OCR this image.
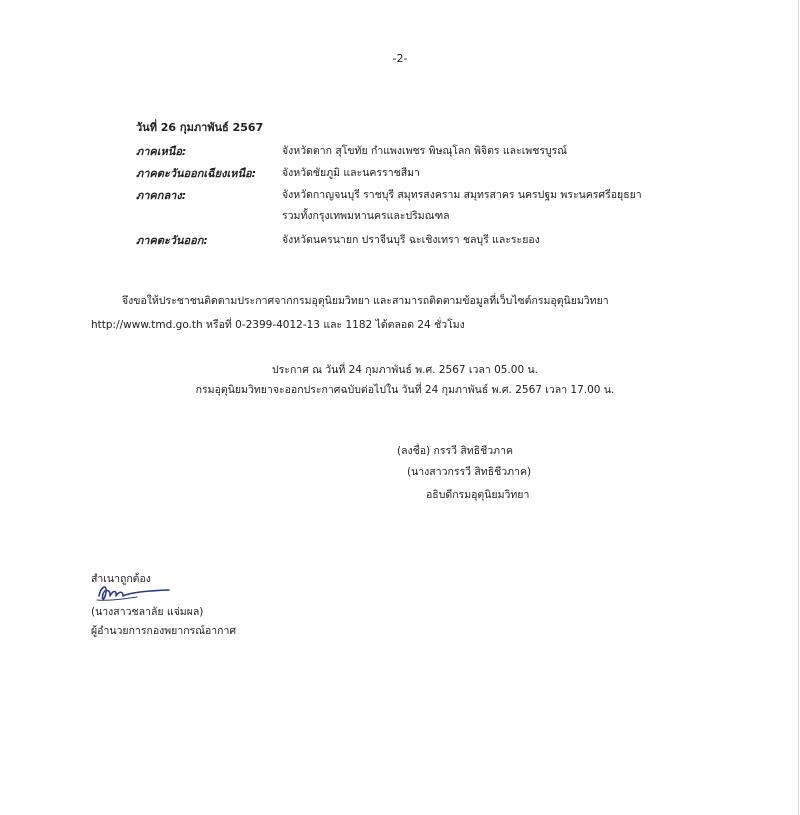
-2-
วันที่ 26 กุมภาพันธ์ 2567
ภาคเหนือ:	จังหวัดตาก สุโขทัย กำแพงเพชร พิษณุโลก พิจิตร และเพชรบูรณ์
ภาคตะวันออกเฉียงเหนือ: จังหวัดชัยภูมิ และนครราชสีมา
ภาคกลาง:	จังหวัดกาญจนบุรี ราชบุรี สมุทรสงคราม สมุทรสาคร นครปฐม พระนครศรีอยุธยา
รวมทั้งกรุงเทพมหานครและปริมณฑล
ภาคตะวันออก:	จังหวัดนครนายก ปราจีนบุรี ฉะเชิงเทรา ชลบุรี และระยอง
จึงขอให้ประชาชนติดตามประกาศจากกรมอุตุนิยมวิทยา และสามารถติดตามข้อมูลที่เว็บไซต์กรมอุตุนิยมวิทยา
http://www.tmd.go.th หรือที่ 0-2399-4012-13 และ 1182 ได้ตลอด 24 ชั่วโมง
ประกาศ ณ วันที่ 24 กุมภาพันธ์ พ.ศ. 2567 เวลา 05.00 น.
กรมอุตุนิยมวิทยาจะออกประกาศฉบับต่อไปใน วันที่ 24 กุมภาพันธ์ พ.ศ. 2567 เวลา 17.00 น.
(ลงชื่อ) กรรวี สิทธิชีวภาค
(นางสาวกรรวี สิทธิชีวภาค)
อธิบดีกรมอุตุนิยมวิทยา
สำเนาถูกต้อง
(นางสาวชลาลัย แจ่มผล)
ผู้อำนวยการกองพยากรณ์อากาศ
